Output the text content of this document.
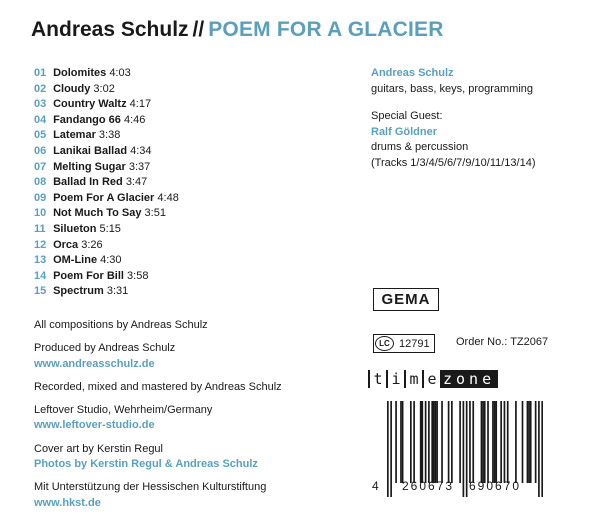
Andreas Schulz // POEM FOR A GLACIER
01 Dolomites 4:03
02 Cloudy 3:02
03 Country Waltz 4:17
04 Fandango 66 4:46
05 Latemar 3:38
06 Lanikai Ballad 4:34
07 Melting Sugar 3:37
08 Ballad In Red 3:47
09 Poem For A Glacier 4:48
10 Not Much To Say 3:51
11 Silueton 5:15
12 Orca 3:26
13 OM-Line 4:30
14 Poem For Bill 3:58
15 Spectrum 3:31
Andreas Schulz
guitars, bass, keys, programming
Special Guest:
Ralf Göldner
drums & percussion
(Tracks 1/3/4/5/6/7/9/10/11/13/14)
All compositions by Andreas Schulz
Produced by Andreas Schulz
www.andreasschulz.de
Recorded, mixed and mastered by Andreas Schulz
Leftover Studio, Wehrheim/Germany
www.leftover-studio.de
Cover art by Kerstin Regul
Photos by Kerstin Regul & Andreas Schulz
Mit Unterstützung der Hessischen Kulturstiftung
www.hkst.de
GEMA
LC 12791	Order No.: TZ2067
t i m e zone
4 260673 690670
